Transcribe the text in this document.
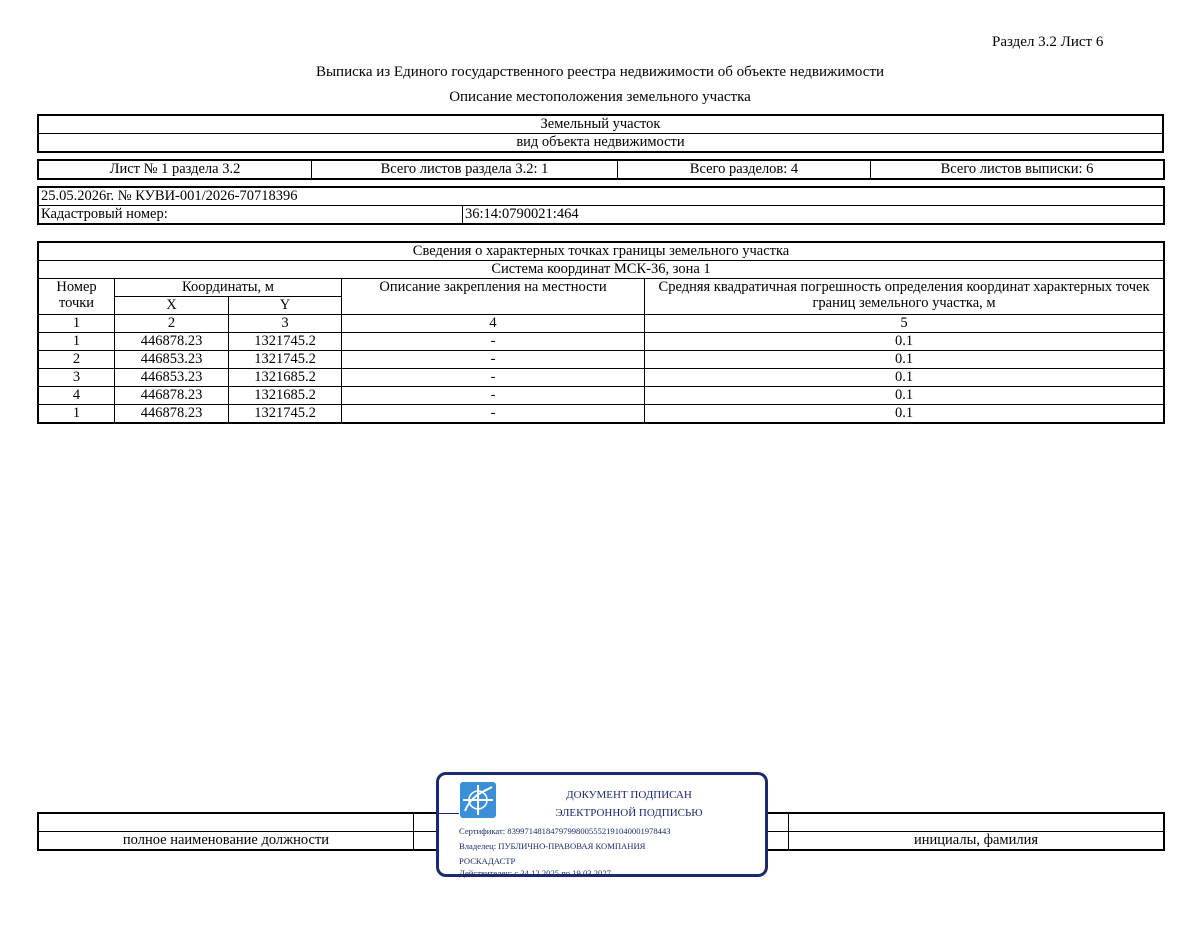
Раздел 3.2 Лист 6
Выписка из Единого государственного реестра недвижимости об объекте недвижимости
Описание местоположения земельного участка
Земельный участок
вид объекта недвижимости
Лист № 1 раздела 3.2	Всего листов раздела 3.2: 1	Всего разделов: 4	Всего листов выписки: 6
25.05.2026г. № КУВИ-001/2026-70718396
Кадастровый номер:	36:14:0790021:464
Сведения о характерных точках границы земельного участка				
Система координат МСК-36, зона 1				
Номер точки	Координаты, м		Описание закрепления на местности	Средняя квадратичная погрешность определения координат характерных точек границ земельного участка, м
	X	Y		
1	2	3	4	5
1	446878.23	1321745.2	-	0.1
2	446853.23	1321745.2	-	0.1
3	446853.23	1321685.2	-	0.1
4	446878.23	1321685.2	-	0.1
1	446878.23	1321745.2	-	0.1

полное наименование должности		инициалы, фамилия
ДОКУМЕНТ ПОДПИСАН
ЭЛЕКТРОННОЙ ПОДПИСЬЮ
Сертификат: 8399714818479799800555219104000197844З
Владелец: ПУБЛИЧНО-ПРАВОВАЯ КОМПАНИЯ
РОСКАДАСТР
Действителен: с 24.12.2025 по 19.03.2027
